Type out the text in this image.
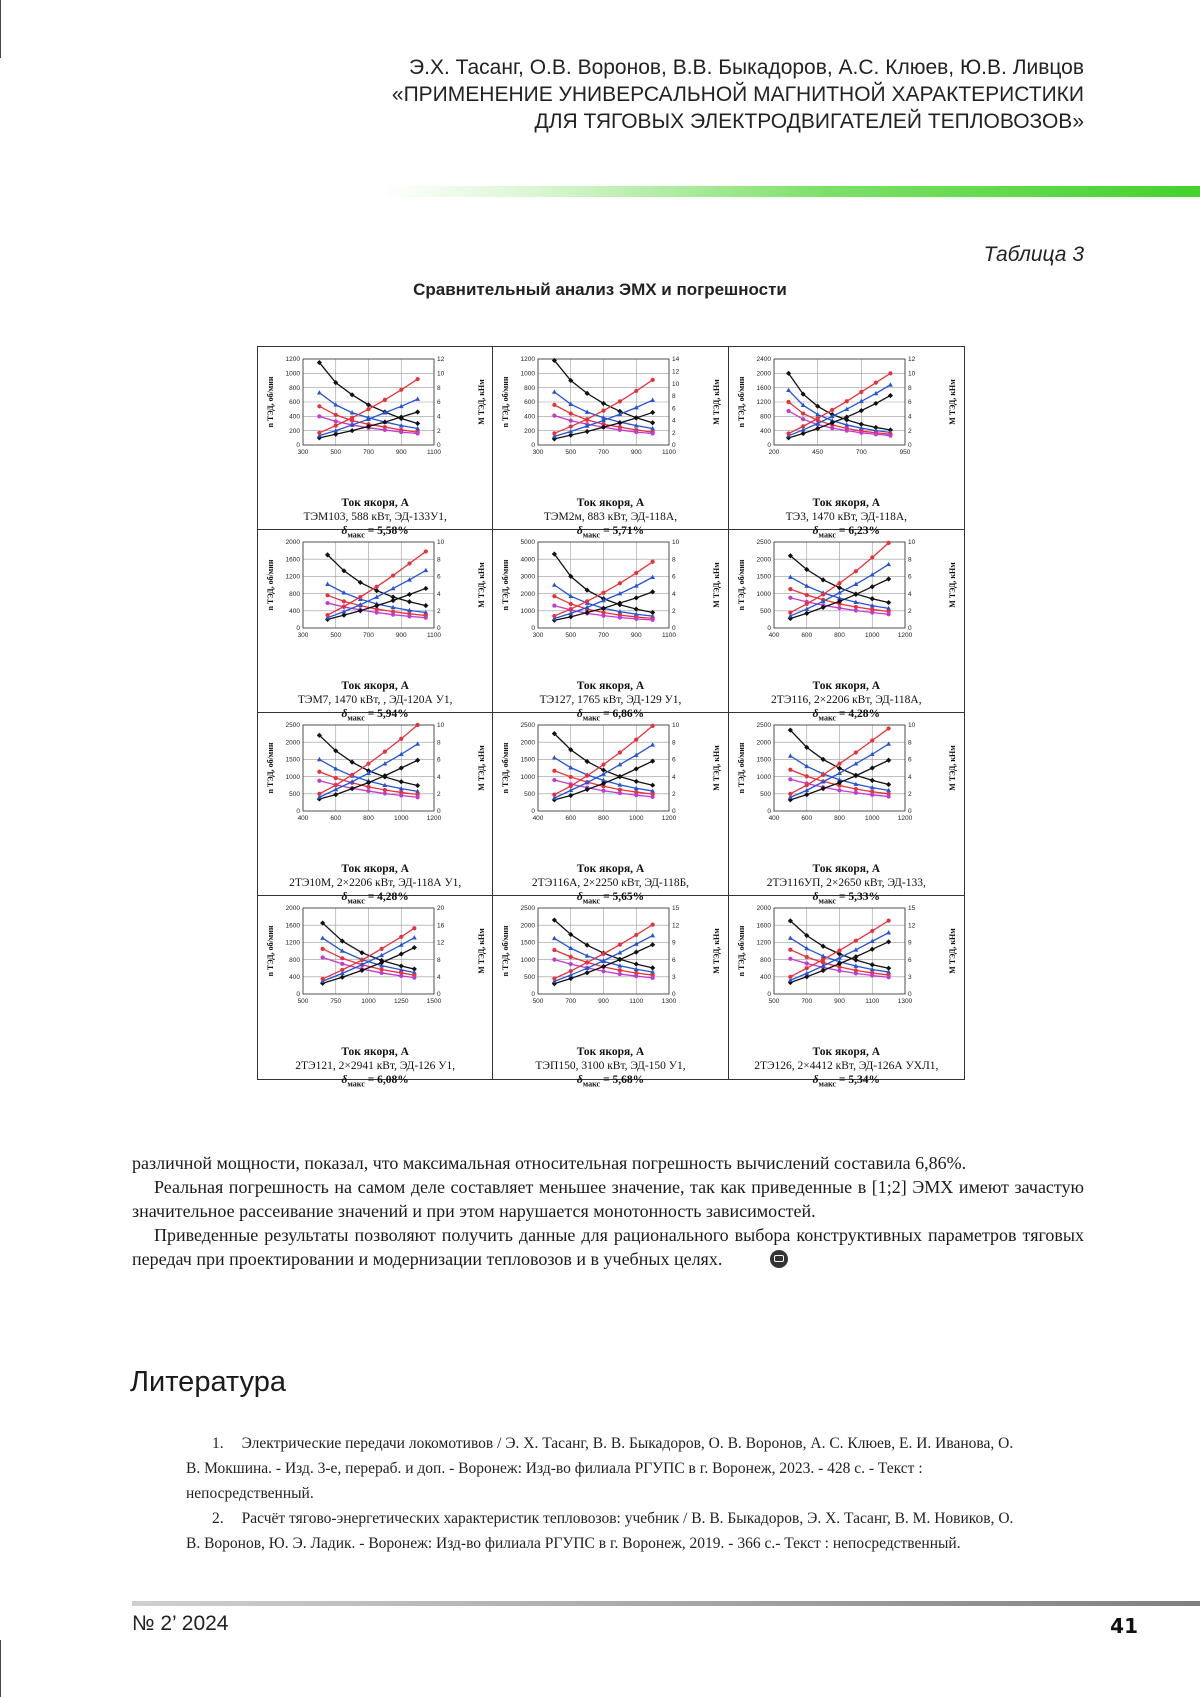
Э.Х. Тасанг, О.В. Воронов, В.В. Быкадоров, А.С. Клюев, Ю.В. Ливцов
«ПРИМЕНЕНИЕ УНИВЕРСАЛЬНОЙ МАГНИТНОЙ ХАРАКТЕРИСТИКИ
ДЛЯ ТЯГОВЫХ ЭЛЕКТРОДВИГАТЕЛЕЙ ТЕПЛОВОЗОВ»
Таблица 3
Сравнительный анализ ЭМХ и погрешности
300	500	700	900	1100
0
200
400
600
800
1000
1200
0
2
4
6
8
10
12
n ТЭД, об/мин	М ТЭД, кНм
Ток якоря, А
ТЭМ103, 588 кВт, ЭД-133У1,
δмакс = 5,58%
300	500	700	900	1100
0
200
400
600
800
1000
1200
0
2
4
6
8
10
12
14
n ТЭД, об/мин	М ТЭД, кНм
Ток якоря, А
ТЭМ2м, 883 кВт, ЭД-118А,
δмакс = 5,71%
200	450	700	950
0
400
800
1200
1600
2000
2400
0
2
4
6
8
10
12
n ТЭД, об/мин	М ТЭД, кНм
Ток якоря, А
ТЭ3, 1470 кВт, ЭД-118А,
δмакс = 6,23%
300	500	700	900	1100
0
400
800
1200
1600
2000
0
2
4
6
8
10
n ТЭД, об/мин	М ТЭД, кНм
Ток якоря, А
ТЭМ7, 1470 кВт, , ЭД-120А У1,
δмакс = 5,94%
300	500	700	900	1100
0
1000
2000
3000
4000
5000
0
2
4
6
8
10
n ТЭД, об/мин	М ТЭД, кНм
Ток якоря, А
ТЭ127, 1765 кВт, ЭД-129 У1,
δмакс = 6,86%
400	600	800	1000	1200
0
500
1000
1500
2000
2500
0
2
4
6
8
10
n ТЭД, об/мин	М ТЭД, кНм
Ток якоря, А
2ТЭ116, 2×2206 кВт, ЭД-118А,
δмакс = 4,28%
400	600	800	1000	1200
0
500
1000
1500
2000
2500
0
2
4
6
8
10
n ТЭД, об/мин	М ТЭД, кНм
Ток якоря, А
2ТЭ10М, 2×2206 кВт, ЭД-118А У1,
δмакс = 4,28%
400	600	800	1000	1200
0
500
1000
1500
2000
2500
0
2
4
6
8
10
n ТЭД, об/мин	М ТЭД, кНм
Ток якоря, А
2ТЭ116А, 2×2250 кВт, ЭД-118Б,
δмакс = 5,65%
400	600	800	1000	1200
0
500
1000
1500
2000
2500
0
2
4
6
8
10
n ТЭД, об/мин	М ТЭД, кНм
Ток якоря, А
2ТЭ116УП, 2×2650 кВт, ЭД-133,
δмакс = 5,33%
500	750	1000	1250	1500
0
400
800
1200
1600
2000
0
4
8
12
16
20
n ТЭД, об/мин	М ТЭД, кНм
Ток якоря, А
2ТЭ121, 2×2941 кВт, ЭД-126 У1,
δмакс = 6,08%
500	700	900	1100	1300
0
500
1000
1500
2000
2500
0
3
6
9
12
15
n ТЭД, об/мин	М ТЭД, кНм
Ток якоря, А
ТЭП150, 3100 кВт, ЭД-150 У1,
δмакс = 5,68%
500	700	900	1100	1300
0
400
800
1200
1600
2000
0
3
6
9
12
15
n ТЭД, об/мин	М ТЭД, кНм
Ток якоря, А
2ТЭ126, 2×4412 кВт, ЭД-126А УХЛ1,
δмакс = 5,34%

различной мощности, показал, что максимальная относительная погрешность вычислений составила 6,86%.

Реальная погрешность на самом деле составляет меньшее значение, так как приведенные в [1;2] ЭМХ имеют зачастую значительное рассеивание значений и при этом нарушается монотонность зависимостей.

Приведенные результаты позволяют получить данные для рационального выбора конструктивных параметров тяговых передач при проектировании и модернизации тепловозов и в учебных целях.

Литература

1. Электрические передачи локомотивов / Э. Х. Тасанг, В. В. Быкадоров, О. В. Воронов, А. С. Клюев, Е. И. Иванова, О. В. Мокшина. - Изд. 3-е, перераб. и доп. - Воронеж: Изд-во филиала РГУПС в г. Воронеж, 2023. - 428 с. - Текст : непосредственный.

2. Расчёт тягово-энергетических характеристик тепловозов: учебник / В. В. Быкадоров, Э. Х. Тасанг, В. М. Новиков, О. В. Воронов, Ю. Э. Ладик. - Воронеж: Изд-во филиала РГУПС в г. Воронеж, 2019. - 366 с.- Текст : непосредственный.

№ 2’ 2024	41
